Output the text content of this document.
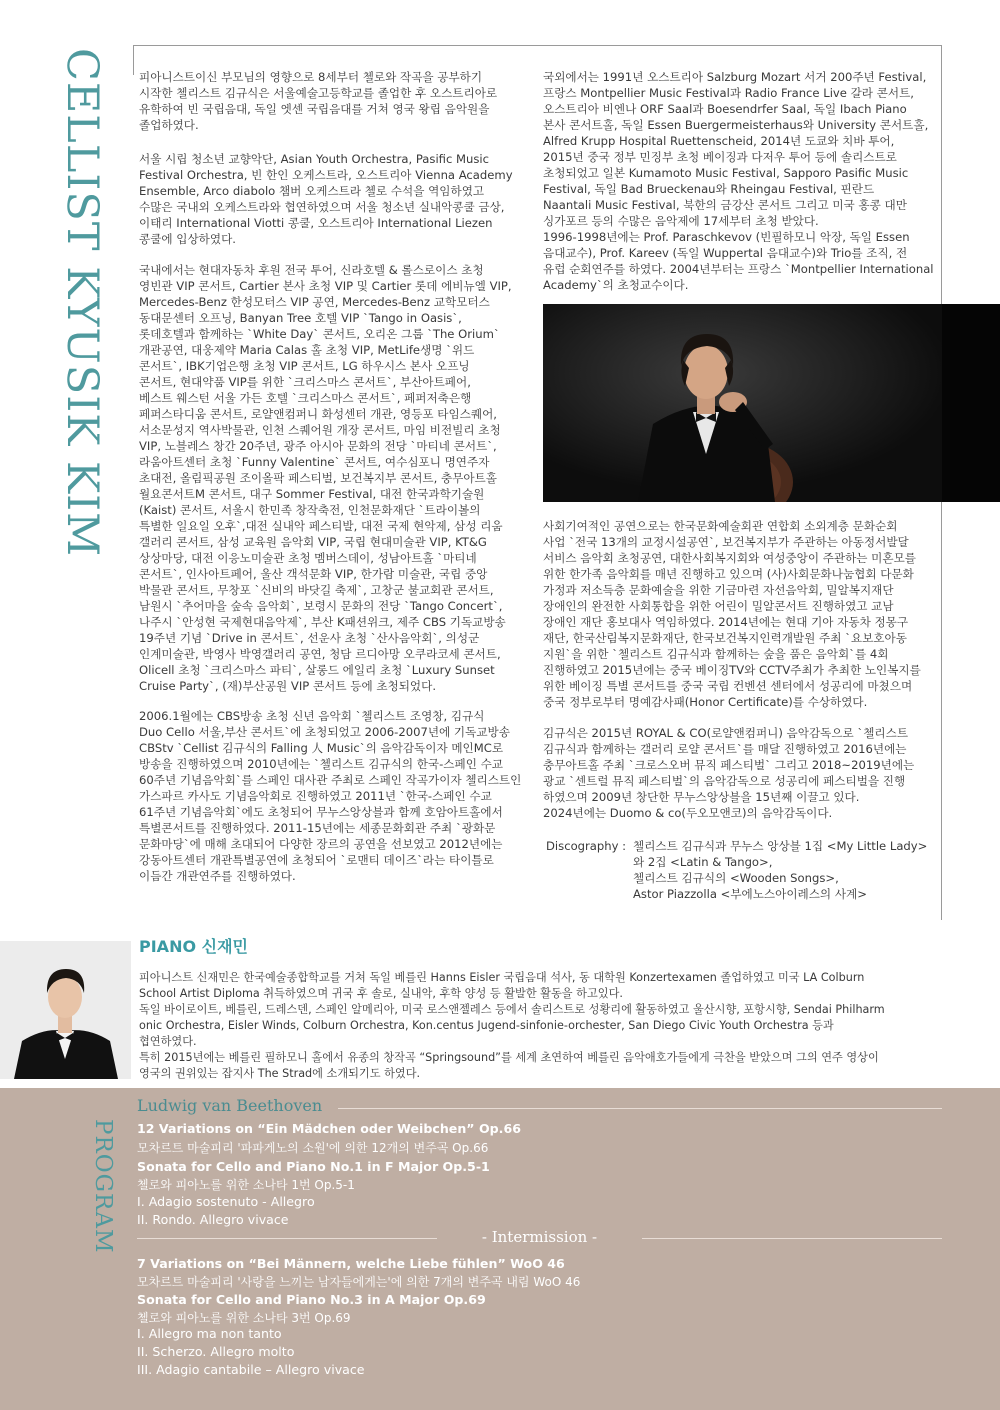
CELLIST KYUSIK KIM	피아니스트이신 부모님의 영향으로 8세부터 첼로와 작곡을 공부하기
시작한 첼리스트 김규식은 서울예술고등학교를 졸업한 후 오스트리아로
유학하여 빈 국립음대, 독일 엣센 국립음대를 거쳐 영국 왕립 음악원을
졸업하였다.

서울 시립 청소년 교향악단, Asian Youth Orchestra, Pasific Music
Festival Orchestra, 빈 한인 오케스트라, 오스트리아 Vienna Academy
Ensemble, Arco diabolo 챔버 오케스트라 첼로 수석을 역임하였고
수많은 국내외 오케스트라와 협연하였으며 서울 청소년 실내악콩쿨 금상,
이태리 International Viotti 콩쿨, 오스트리아 International Liezen
콩쿨에 입상하였다.

국내에서는 현대자동차 후원 전국 투어, 신라호텔 & 롤스로이스 초청
영빈관 VIP 콘서트, Cartier 본사 초청 VIP 및 Cartier 롯데 에비뉴엘 VIP,
Mercedes-Benz 한성모터스 VIP 공연, Mercedes-Benz 교학모터스
동대문센터 오프닝, Banyan Tree 호텔 VIP `Tango in Oasis`,
롯데호텔과 함께하는 `White Day` 콘서트, 오리온 그룹 `The Orium`
개관공연, 대웅제약 Maria Calas 홀 초청 VIP, MetLife생명 `위드
콘서트`, IBK기업은행 초청 VIP 콘서트, LG 하우시스 본사 오프닝
콘서트, 현대약품 VIP를 위한 `크리스마스 콘서트`, 부산아트페어,
베스트 웨스턴 서울 가든 호텔 `크리스마스 콘서트`, 페퍼저축은행
페퍼스타디움 콘서트, 로얄앤컴퍼니 화성센터 개관, 영등포 타임스퀘어,
서소문성지 역사박물관, 인천 스퀘어원 개장 콘서트, 마임 비전빌리 초청
VIP, 노블레스 창간 20주년, 광주 아시아 문화의 전당 `마티네 콘서트`,
라움아트센터 초청 `Funny Valentine` 콘서트, 여수심포니 명연주자
초대전, 올림픽공원 조이올팍 페스티벌, 보건복지부 콘서트, 충무아트홀
월요콘서트M 콘서트, 대구 Sommer Festival, 대전 한국과학기술원
(Kaist) 콘서트, 서울시 한민족 창작축전, 인천문화재단 `트라이볼의
특별한 일요일 오후`,대전 실내악 페스티발, 대전 국제 현악제, 삼성 리움
갤러리 콘서트, 삼성 교육원 음악회 VIP, 국립 현대미술관 VIP, KT&G
상상마당, 대전 이응노미술관 초청 멤버스데이, 성남아트홀 `마티네
콘서트`, 인사아트페어, 울산 객석문화 VIP, 한가람 미술관, 국립 중앙
박물관 콘서트, 무창포 `신비의 바닷길 축제`, 고창군 불교회관 콘서트,
남원시 `추어마을 숲속 음악회`, 보령시 문화의 전당 `Tango Concert`,
나주시 `안성현 국제현대음악제`, 부산 K패션위크, 제주 CBS 기독교방송
19주년 기념 `Drive in 콘서트`, 선운사 초청 `산사음악회`, 의성군
인계미술관, 박영사 박영갤러리 공연, 청담 르디아망 오쿠라코세 콘서트,
Olicell 초청 `크리스마스 파티`, 살롱드 에일리 초청 `Luxury Sunset
Cruise Party`, (재)부산공원 VIP 콘서트 등에 초청되었다.

2006.1월에는 CBS방송 초청 신년 음악회 `첼리스트 조영창, 김규식
Duo Cello 서울,부산 콘서트`에 초청되었고 2006-2007년에 기독교방송
CBStv `Cellist 김규식의 Falling 人 Music`의 음악감독이자 메인MC로
방송을 진행하였으며 2010년에는 `첼리스트 김규식의 한국-스페인 수교
60주년 기념음악회`를 스페인 대사관 주최로 스페인 작곡가이자 첼리스트인
가스파르 카사도 기념음악회로 진행하였고 2011년 `한국-스페인 수교
61주년 기념음악회`에도 초청되어 무누스앙상블과 함께 호암아트홀에서
특별콘서트를 진행하였다. 2011-15년에는 세종문화회관 주최 `광화문
문화마당`에 매해 초대되어 다양한 장르의 공연을 선보였고 2012년에는
강동아트센터 개관특별공연에 초청되어 `로맨티 데이즈`라는 타이틀로
이듬간 개관연주를 진행하였다.

국외에서는 1991년 오스트리아 Salzburg Mozart 서거 200주년 Festival,
프랑스 Montpellier Music Festival과 Radio France Live 갈라 콘서트,
오스트리아 비엔나 ORF Saal과 Boesendrfer Saal, 독일 Ibach Piano
본사 콘서트홀, 독일 Essen Buergermeisterhaus와 University 콘서트홀,
Alfred Krupp Hospital Ruettenscheid, 2014년 도쿄와 치바 투어,
2015년 중국 정부 민징부 초청 베이징과 다저우 투어 등에 솔리스트로
초청되었고 일본 Kumamoto Music Festival, Sapporo Pasific Music
Festival, 독일 Bad Brueckenau와 Rheingau Festival, 핀란드
Naantali Music Festival, 북한의 금강산 콘서트 그리고 미국 홍콩 대만
싱가포르 등의 수많은 음악제에 17세부터 초청 받았다.

1996-1998년에는 Prof. Paraschkevov (빈필하모니 악장, 독일 Essen
음대교수), Prof. Kareev (독일 Wuppertal 음대교수)와 Trio를 조직, 전
유럽 순회연주를 하였다. 2004년부터는 프랑스 `Montpellier International
Academy`의 초청교수이다.

사회기여적인 공연으로는 한국문화예술회관 연합회 소외계층 문화순회
사업 `전국 13개의 교정시설공연`, 보건복지부가 주관하는 아동정서발달
서비스 음악회 초청공연, 대한사회복지회와 여성중앙이 주관하는 미혼모를
위한 한가족 음악회를 매년 진행하고 있으며 (사)사회문화나눔협회 다문화
가정과 저소득층 문화예술을 위한 기금마련 자선음악회, 밀알복지재단
장애인의 완전한 사회통합을 위한 어린이 밀알콘서트 진행하였고 교남
장애인 재단 홍보대사 역임하였다. 2014년에는 현대 기아 자동차 정몽구
재단, 한국산림복지문화재단, 한국보건복지인력개발원 주최 `요보호아동
지원`을 위한 `첼리스트 김규식과 함께하는 숲을 품은 음악회`를 4회
진행하였고 2015년에는 중국 베이징TV와 CCTV주최가 추최한 노인복지를
위한 베이징 특별 콘서트를 중국 국립 컨벤션 센터에서 성공리에 마쳤으며
중국 정부로부터 명예감사패(Honor Certificate)를 수상하였다.

김규식은 2015년 ROYAL & CO(로얄앤컴퍼니) 음악감독으로 `첼리스트
김규식과 함께하는 갤러리 로얄 콘서트`를 매달 진행하였고 2016년에는
충무아트홀 주최 `크로스오버 뮤직 페스티벌` 그리고 2018~2019년에는
광교 `센트럴 뮤직 페스티벌`의 음악감독으로 성공리에 페스티벌을 진행
하였으며 2009년 창단한 무누스앙상블을 15년째 이끌고 있다.
2024년에는 Duomo & co(두오모앤코)의 음악감독이다.

Discography : 첼리스트 김규식과 무누스 앙상블 1집 <My Little Lady>
와 2집 <Latin & Tango>,
첼리스트 김규식의 <Wooden Songs>,
Astor Piazzolla <부에노스아이레스의 사계>
PIANO 신재민

피아니스트 신재민은 한국예술종합학교를 거쳐 독일 베를린 Hanns Eisler 국립음대 석사, 동 대학원 Konzertexamen 졸업하였고 미국 LA Colburn
School Artist Diploma 취득하였으며 귀국 후 솔로, 실내악, 후학 양성 등 활발한 활동을 하고있다.
독일 바이로이트, 베를린, 드레스덴, 스페인 알메리아, 미국 로스앤젤레스 등에서 솔리스트로 성황리에 활동하였고 울산시향, 포항시향, Sendai Philharm
onic Orchestra, Eisler Winds, Colburn Orchestra, Kon.centus Jugend-sinfonie-orchester, San Diego Civic Youth Orchestra 등과
협연하였다.
특히 2015년에는 베를린 필하모니 홀에서 유종의 창작곡 “Springsound”를 세계 초연하여 베를린 음악애호가들에게 극찬을 받았으며 그의 연주 영상이
영국의 권위있는 잡지사 The Strad에 소개되기도 하였다.

PROGRAM
Ludwig van Beethoven
12 Variations on “Ein Mädchen oder Weibchen” Op.66
모차르트 마술피리 '파파게노의 소원'에 의한 12개의 변주곡 Op.66
Sonata for Cello and Piano No.1 in F Major Op.5-1
첼로와 피아노를 위한 소나타 1번 Op.5-1
I. Adagio sostenuto - Allegro
II. Rondo. Allegro vivace
- Intermission -
7 Variations on “Bei Männern, welche Liebe fühlen” WoO 46
모차르트 마술피리 '사랑을 느끼는 남자들에게는'에 의한 7개의 변주곡 내림 WoO 46
Sonata for Cello and Piano No.3 in A Major Op.69
첼로와 피아노를 위한 소나타 3번 Op.69
I. Allegro ma non tanto
II. Scherzo. Allegro molto
III. Adagio cantabile – Allegro vivace
